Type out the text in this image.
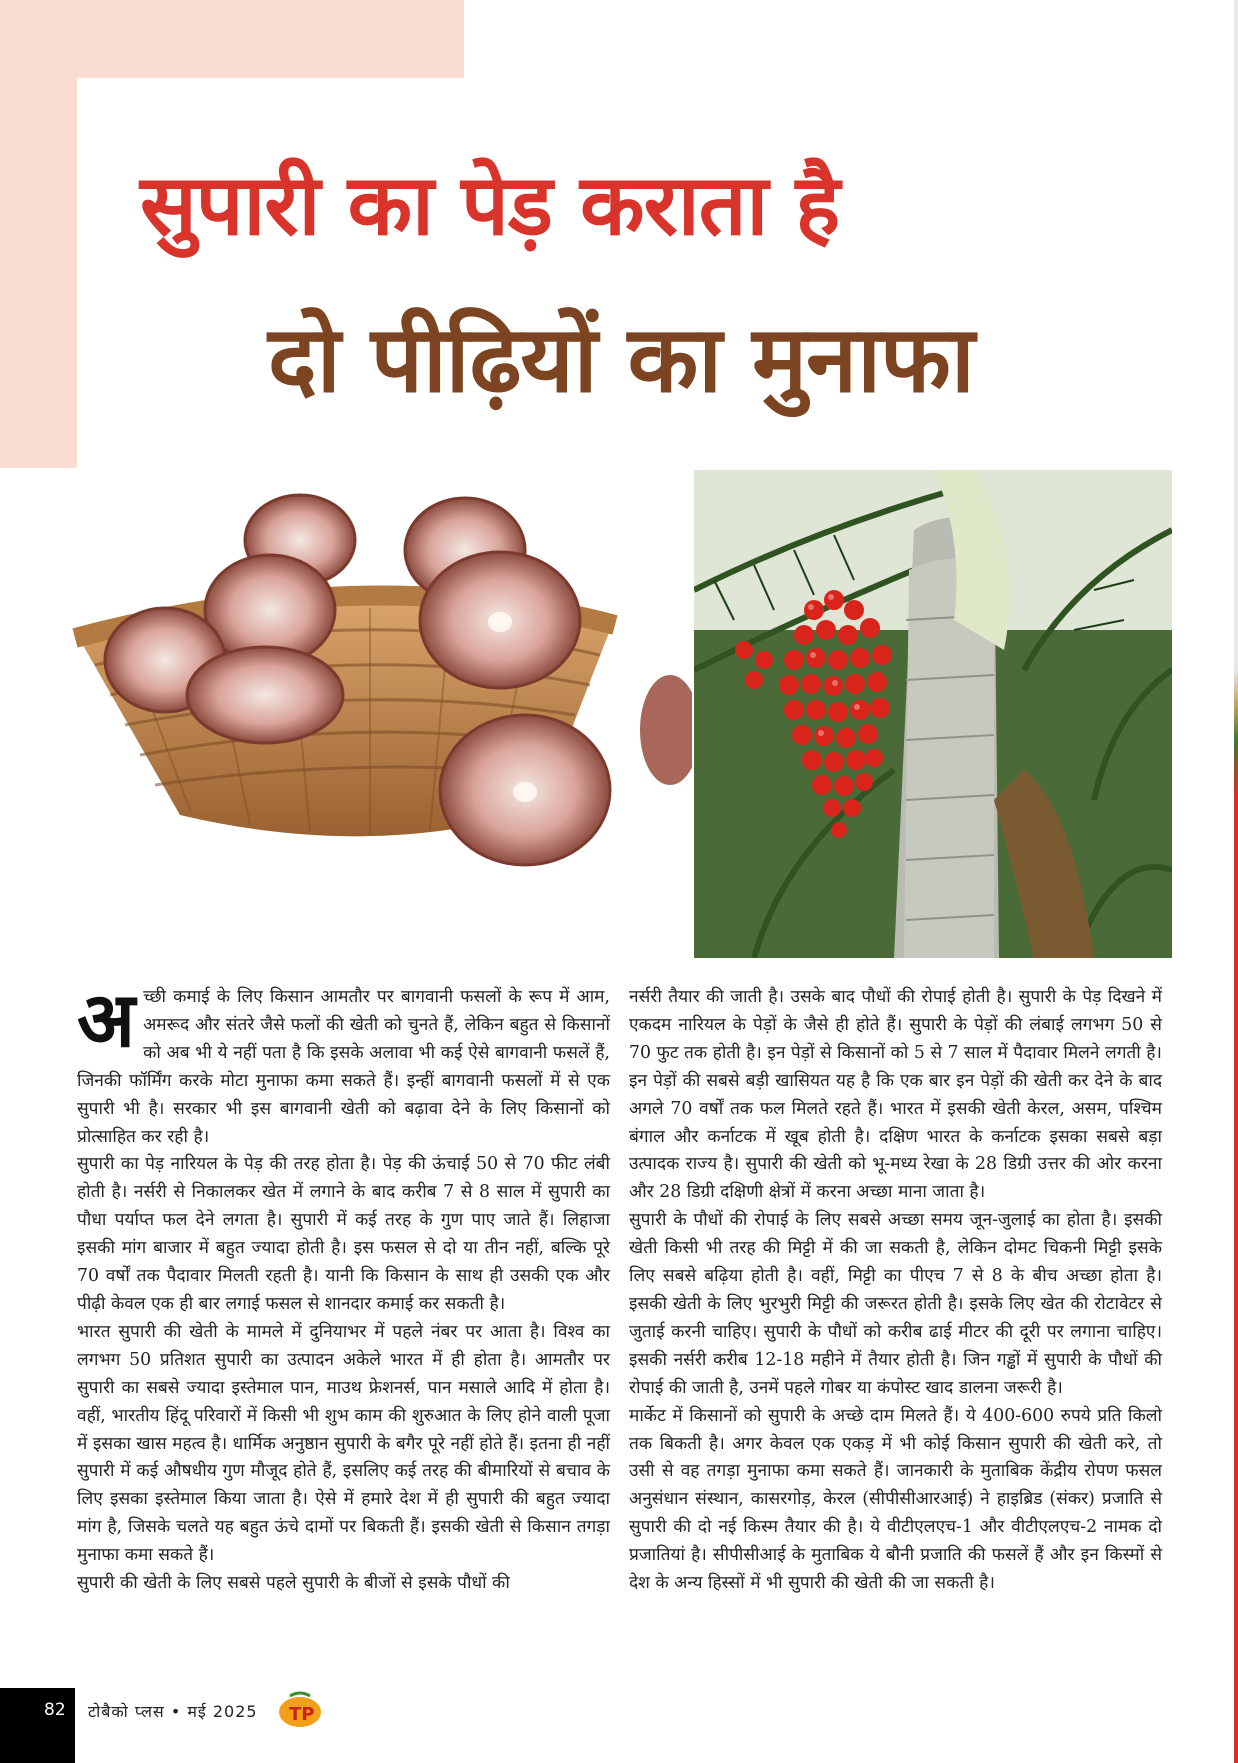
सुपारी का पेड़ कराता है
दो पीढ़ियों का मुनाफा
अ च्छी कमाई के लिए किसान आमतौर पर बागवानी फसलों के रूप में आम, अमरूद और संतरे जैसे फलों की खेती को चुनते हैं, लेकिन बहुत से किसानों को अब भी ये नहीं पता है कि इसके अलावा भी कई ऐसे बागवानी फसलें हैं, जिनकी फॉर्मिंग करके मोटा मुनाफा कमा सकते हैं। इन्हीं बागवानी फसलों में से एक सुपारी भी है। सरकार भी इस बागवानी खेती को बढ़ावा देने के लिए किसानों को प्रोत्साहित कर रही है।

सुपारी का पेड़ नारियल के पेड़ की तरह होता है। पेड़ की ऊंचाई 50 से 70 फीट लंबी होती है। नर्सरी से निकालकर खेत में लगाने के बाद करीब 7 से 8 साल में सुपारी का पौधा पर्याप्त फल देने लगता है। सुपारी में कई तरह के गुण पाए जाते हैं। लिहाजा इसकी मांग बाजार में बहुत ज्यादा होती है। इस फसल से दो या तीन नहीं, बल्कि पूरे 70 वर्षों तक पैदावार मिलती रहती है। यानी कि किसान के साथ ही उसकी एक और पीढ़ी केवल एक ही बार लगाई फसल से शानदार कमाई कर सकती है।

भारत सुपारी की खेती के मामले में दुनियाभर में पहले नंबर पर आता है। विश्व का लगभग 50 प्रतिशत सुपारी का उत्पादन अकेले भारत में ही होता है। आमतौर पर सुपारी का सबसे ज्यादा इस्तेमाल पान, माउथ फ्रेशनर्स, पान मसाले आदि में होता है। वहीं, भारतीय हिंदू परिवारों में किसी भी शुभ काम की शुरुआत के लिए होने वाली पूजा में इसका खास महत्व है। धार्मिक अनुष्ठान सुपारी के बगैर पूरे नहीं होते हैं। इतना ही नहीं सुपारी में कई औषधीय गुण मौजूद होते हैं, इसलिए कई तरह की बीमारियों से बचाव के लिए इसका इस्तेमाल किया जाता है। ऐसे में हमारे देश में ही सुपारी की बहुत ज्यादा मांग है, जिसके चलते यह बहुत ऊंचे दामों पर बिकती हैं। इसकी खेती से किसान तगड़ा मुनाफा कमा सकते हैं।

सुपारी की खेती के लिए सबसे पहले सुपारी के बीजों से इसके पौधों की

नर्सरी तैयार की जाती है। उसके बाद पौधों की रोपाई होती है। सुपारी के पेड़ दिखने में एकदम नारियल के पेड़ों के जैसे ही होते हैं। सुपारी के पेड़ों की लंबाई लगभग 50 से 70 फुट तक होती है। इन पेड़ों से किसानों को 5 से 7 साल में पैदावार मिलने लगती है। इन पेड़ों की सबसे बड़ी खासियत यह है कि एक बार इन पेड़ों की खेती कर देने के बाद अगले 70 वर्षों तक फल मिलते रहते हैं। भारत में इसकी खेती केरल, असम, पश्चिम बंगाल और कर्नाटक में खूब होती है। दक्षिण भारत के कर्नाटक इसका सबसे बड़ा उत्पादक राज्य है। सुपारी की खेती को भू-मध्य रेखा के 28 डिग्री उत्तर की ओर करना और 28 डिग्री दक्षिणी क्षेत्रों में करना अच्छा माना जाता है।

सुपारी के पौधों की रोपाई के लिए सबसे अच्छा समय जून-जुलाई का होता है। इसकी खेती किसी भी तरह की मिट्टी में की जा सकती है, लेकिन दोमट चिकनी मिट्टी इसके लिए सबसे बढ़िया होती है। वहीं, मिट्टी का पीएच 7 से 8 के बीच अच्छा होता है। इसकी खेती के लिए भुरभुरी मिट्टी की जरूरत होती है। इसके लिए खेत की रोटावेटर से जुताई करनी चाहिए। सुपारी के पौधों को करीब ढाई मीटर की दूरी पर लगाना चाहिए। इसकी नर्सरी करीब 12-18 महीने में तैयार होती है। जिन गड्ढों में सुपारी के पौधों की रोपाई की जाती है, उनमें पहले गोबर या कंपोस्ट खाद डालना जरूरी है।

मार्केट में किसानों को सुपारी के अच्छे दाम मिलते हैं। ये 400-600 रुपये प्रति किलो तक बिकती है। अगर केवल एक एकड़ में भी कोई किसान सुपारी की खेती करे, तो उसी से वह तगड़ा मुनाफा कमा सकते हैं। जानकारी के मुताबिक केंद्रीय रोपण फसल अनुसंधान संस्थान, कासरगोड़, केरल (सीपीसीआरआई) ने हाइब्रिड (संकर) प्रजाति से सुपारी की दो नई किस्म तैयार की है। ये वीटीएलएच-1 और वीटीएलएच-2 नामक दो प्रजातियां है। सीपीसीआई के मुताबिक ये बौनी प्रजाति की फसलें हैं और इन किस्मों से देश के अन्य हिस्सों में भी सुपारी की खेती की जा सकती है।

82 टोबैको प्लस • मई 2025 TP
